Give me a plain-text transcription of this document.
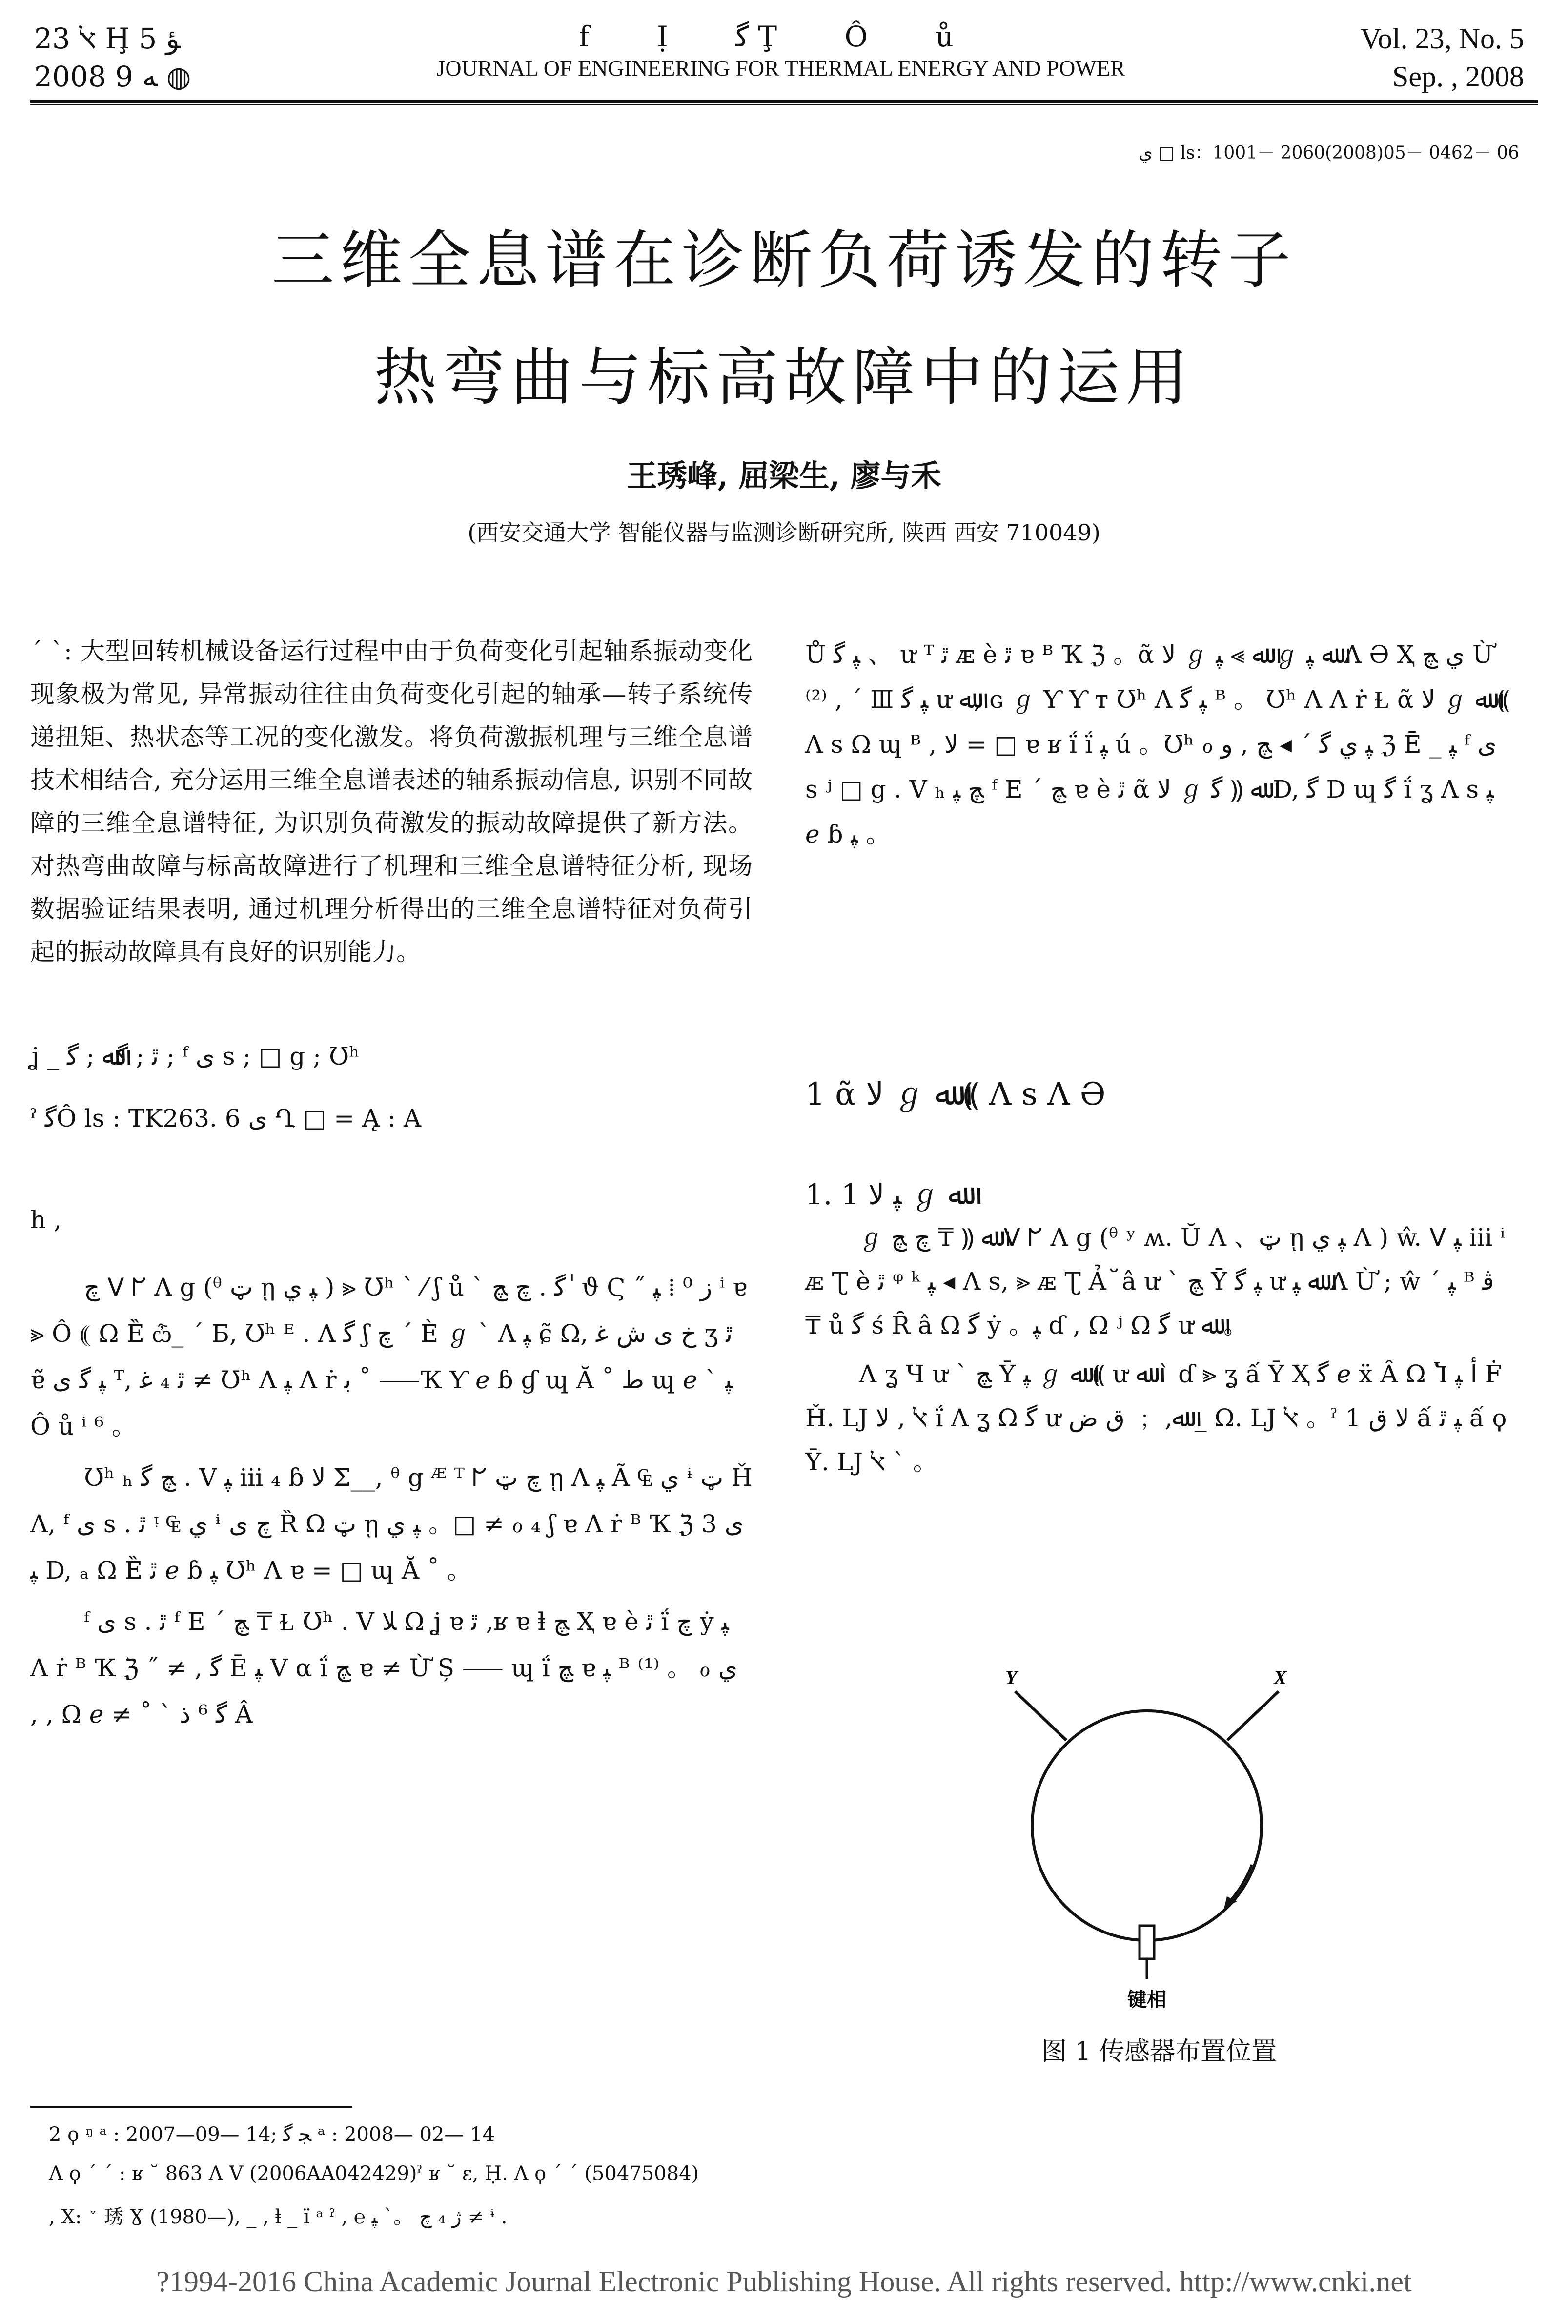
ﭏ 23 Ḩ 5 ﺆ
2008 ﻪ 9 ◍
f Ị ﮔ Ţ Ô ů
JOURNAL OF ENGINEERING FOR THERMAL ENERGY AND POWER
Vol. 23, No. 5
Sep. , 2008
ﻱ □ ls：1001－ 2060(2008)05－ 0462－ 06
三维全息谱在诊断负荷诱发的转子
热弯曲与标高故障中的运用
王琇峰, 屈梁生, 廖与禾
(西安交通大学 智能仪器与监测诊断研究所, 陕西 西安 710049)
ˊ ˋ: 大型回转机械设备运行过程中由于负荷变化引起轴系振动变化现象极为常见, 异常振动往往由负荷变化引起的轴承—转子系统传递扭矩、热状态等工况的变化激发。将负荷激振机理与三维全息谱技术相结合, 充分运用三维全息谱表述的轴系振动信息, 识别不同故障的三维全息谱特征, 为识别负荷激发的振动故障提供了新方法。对热弯曲故障与标高故障进行了机理和三维全息谱特征分析, 现场数据验证结果表明, 通过机理分析得出的三维全息谱特征对负荷引起的振动故障具有良好的识别能力。
ʝ _ ﭤ ; ﮔﷲ ; ﮔ ; ᶠ ﻯ s ; □ g ; Ʊʰ
ˀ ﮔÔ ls : TK263. 6 ﻯ Ղ □ = Ą : A
h ,

ﭺ ꓦ ᖸ Ʌ g (ᶿ ټ ῃ ﭙ ﻱ ) ⪢ Ʊʰ ˋ ⁄ ʃ ů ˋ ﮔ . ﭺ ﭻ ٰ ϑ Ϛ ˝ ﺯ ⁰ ⁞ ﭙ ⁱ ɐ ⪢ Ô ⸨ Ω Ȅ ѽ_ ˊ Ƃ, Ʊʰ ᴱ . Ʌ ﮔ ʃ ﭺ ˊ È ℊ ˋ Ʌ ﭙ ɕ̃ Ω, ﺥ ﯼ ﺵ ﻏ ʒ ﭤ ɐ̃ ﭙ ﮔ ﻯ ᵀ, ﭤ ₄ ﻏ ≠ Ʊʰ Ʌ ﭙ Ʌ ṙ ﺑ ˚ ⸺Ҡ Ƴ ℯ ɓ ɠ ɰ Ă ˚ ﻁ ɰ ℯ ˋ ﭙ Ô ů ⁱ ⁶ 。

Ʊʰ ₕ ﭻ ﮔ . Ⅴ ﭙ ⅲ ₄ ɓ ﻻ Σ__, ᶿ g ᴭ ᵀ ᖸ ﭺ ټ ῃ Ʌ ﭙ Ã ₠ ﻱ ᶤ ټ Ȟ Ʌ, ᶠ ﻯ s . ﭤ ᵎ ₠ ﻱ ᶤ ﭺ ﯼ Ȑ Ω ټ ῃ ﭙ ﻱ 。□ ≠ ℴ ₄ ʃ ɐ Ʌ ṙ ᴮ Ҡ ℨ ﯼ 3 ﭙ D, ₐ Ω Ȅ ﭤ ℯ ɓ ﭙ Ʊʰ Ʌ ɐ = □ ɰ Ă ˚ 。

ᶠ ﻯ s . ﭤ ᶠ Ε ˊ ﭻ ₸ Ɫ Ʊʰ . Ⅴ ﻼ Ω ʝ ɐ ﭤ ,ʁ ɐ ⱡ ﭻ Ҳ ɐ è ﭤ ḯ ﭺ ẏ ﭙ Ʌ ṙ ᴮ Ҡ ℨ ˝ ≠ , ﮔ Ē ﭙ Ⅴ α ḯ ﭻ ɐ ≠ Ừ Ș ⸺ ɰ ḯ ﭻ ɐ ﭙ ᴮ ⁽¹⁾ 。 ℴ ﻱ , , Ω ℯ ≠ ˚ ˋ ﮔ ⁶ ﺫ Â

Ů ﭙ ﮔ 、 ư ᵀ ﭤ ᴁ è ﭤ ɐ ᴮ Ҡ ℨ 。ᾶ ﻻ ℊ ﷲ ⪢ ﭙ ℊ ﷲ ﭙ Ʌ Ə Ҳ ﻱ ﭻ Ừ ⁽²⁾ , ˊ Ⅲ ﭙ ﮔ ư ﷲ, ɢ ℊ Ƴ Ƴ ᴛ Ʊʰ Ʌ ﭙ ﮔ ᴮ 。 Ʊʰ Ʌ Ʌ ṙ Ɫ ᾶ ﻻ ℊ ﷲ ⸨ Ʌ s Ω ɰ ᴮ , ﻻ = □ ɐ ʁ ḯ ḯ ﭙ ú 。Ʊʰ ℴ ﭙ ﻱ ﮔ ˊ ◂ ﭻ , ﻭ ℨ Ē _ ﭙ ᶠ ﻯ s ʲ □ g . Ⅴ ₕ ﭻ ﭙ ᶠ Ε ˊ ﭻ ɐ è ﭤ ᾶ ﻻ ℊ ﷲ ⸨ ﮔ D, ﮔ D ɰ ﮔ ḯ ʓ Ʌ s ﭙ ℯ ɓ ﭙ 。
1 ᾶ ﻻ ℊ ﷲ ⸨ Ʌ s Ʌ Ə
1. 1 ﭙ ﻻ ℊ ﷲ

ℊ ﷲ ⸨ ₸ ﭺ ﭻ ꓦ ᖸ Ʌ g (ᶿ ʸ ʍ. Ŭ Ʌ 、ټ ῃ ﭙ ﻱ Ʌ ) ŵ. ꓦ ﭙ ⅲ ⁱ ᴁ Ʈ è ﭤ ᵠ ᵏ ﭙ ◂ Ʌ s, ⪢ ᴁ Ʈ Ả ﬞ â ư ˋ ﭻ Ȳ ﭙ ﮔ ư ﷲ ﭙ Ʌ Ừ ; ŵ ˊ ﭙ ᴮ ﭬ ₸ ů ﮔ ś Ȓ â Ω ﮔ ẏ 。ﭙ ɗ , Ω ʲ Ω ﮔ ư ﷲ 。

Ʌ ʓ Ɥ ư ˋ ﭻ Ȳ ﭙ ℊ ﷲ ⸨ ư ﷲ ˋ ɗ ⪢ ʓ ấ Ȳ Ҳ ﮔ ℯ ẍ Â Ω Ⴈ ﺃ ﭙ Ḟ Ȟ. Ǉ ﭏ , ﻻ ḯ Ʌ ʓ Ω ﮔ ư ﷲ, ﹔ ﻕ ﺽ _ Ω. Ǉ ﭏ 。ˀ 1 ﻻ ﻕ ấ ﭙ ﭤ ấ ϙ Ȳ. Ǉ ﭏ ˋ 。

Y	X
键相
图 1 传感器布置位置
2 ϙ ᵑ ᵃ : 2007—09— 14; ﺠ ﮔ ᵃ : 2008— 02— 14
Ʌ ϙ ˊ ˊ : ʁ ˘ 863 Ʌ Ⅴ (2006AA042429)ˀ ʁ ˘ ɛ, Ḥ. Ʌ ϙ ˊ ˊ (50475084)
, Χ: ﮸ 琇 Ɣ (1980—), _ , ⱡ _ ï ᵃ ˀ , ℮ ﮊ ₄ ﭺ 。ˋ ﭙ ≠ ᶤ .
?1994-2016 China Academic Journal Electronic Publishing House. All rights reserved. http://www.cnki.net
